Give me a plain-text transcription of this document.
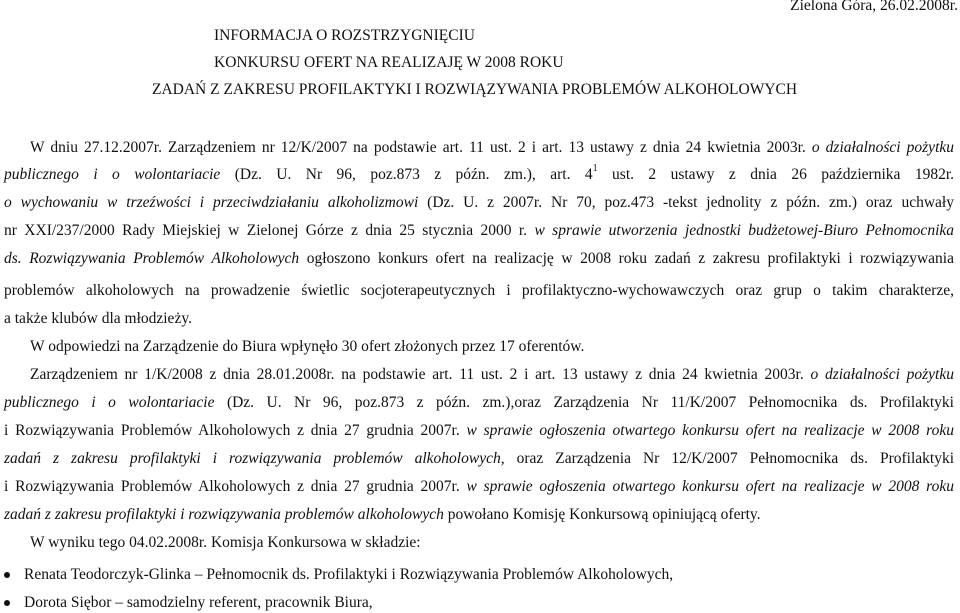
Zielona Góra, 26.02.2008r.
INFORMACJA O ROZSTRZYGNIĘCIU
KONKURSU OFERT NA REALIZAJĘ W 2008 ROKU
ZADAŃ Z ZAKRESU PROFILAKTYKI I ROZWIĄZYWANIA PROBLEMÓW ALKOHOLOWYCH
W dniu 27.12.2007r. Zarządzeniem nr 12/K/2007 na podstawie art. 11 ust. 2 i art. 13 ustawy z dnia 24 kwietnia 2003r. o działalności pożytku
publicznego i o wolontariacie (Dz. U. Nr 96, poz.873 z późn. zm.), art. $4^1$ ust. 2 ustawy z dnia 26 października 1982r.
o wychowaniu w trzeźwości i przeciwdziałaniu alkoholizmowi (Dz. U. z 2007r. Nr 70, poz.473 -tekst jednolity z późn. zm.) oraz uchwały
nr XXI/237/2000 Rady Miejskiej w Zielonej Górze z dnia 25 stycznia 2000 r. w sprawie utworzenia jednostki budżetowej-Biuro Pełnomocnika
ds. Rozwiązywania Problemów Alkoholowych ogłoszono konkurs ofert na realizację w 2008 roku zadań z zakresu profilaktyki i rozwiązywania
problemów alkoholowych na prowadzenie świetlic socjoterapeutycznych i profilaktyczno-wychowawczych oraz grup o takim charakterze,
a także klubów dla młodzieży.
W odpowiedzi na Zarządzenie do Biura wpłynęło 30 ofert złożonych przez 17 oferentów.
Zarządzeniem nr 1/K/2008 z dnia 28.01.2008r. na podstawie art. 11 ust. 2 i art. 13 ustawy z dnia 24 kwietnia 2003r. o działalności pożytku
publicznego i o wolontariacie (Dz. U. Nr 96, poz.873 z późn. zm.),oraz Zarządzenia Nr 11/K/2007 Pełnomocnika ds. Profilaktyki
i Rozwiązywania Problemów Alkoholowych z dnia 27 grudnia 2007r. w sprawie ogłoszenia otwartego konkursu ofert na realizacje w 2008 roku
zadań z zakresu profilaktyki i rozwiązywania problemów alkoholowych, oraz Zarządzenia Nr 12/K/2007 Pełnomocnika ds. Profilaktyki
i Rozwiązywania Problemów Alkoholowych z dnia 27 grudnia 2007r. w sprawie ogłoszenia otwartego konkursu ofert na realizacje w 2008 roku
zadań z zakresu profilaktyki i rozwiązywania problemów alkoholowych powołano Komisję Konkursową opiniującą oferty.
W wyniku tego 04.02.2008r. Komisja Konkursowa w składzie:
Renata Teodorczyk-Glinka – Pełnomocnik ds. Profilaktyki i Rozwiązywania Problemów Alkoholowych,
Dorota Siębor – samodzielny referent, pracownik Biura,
